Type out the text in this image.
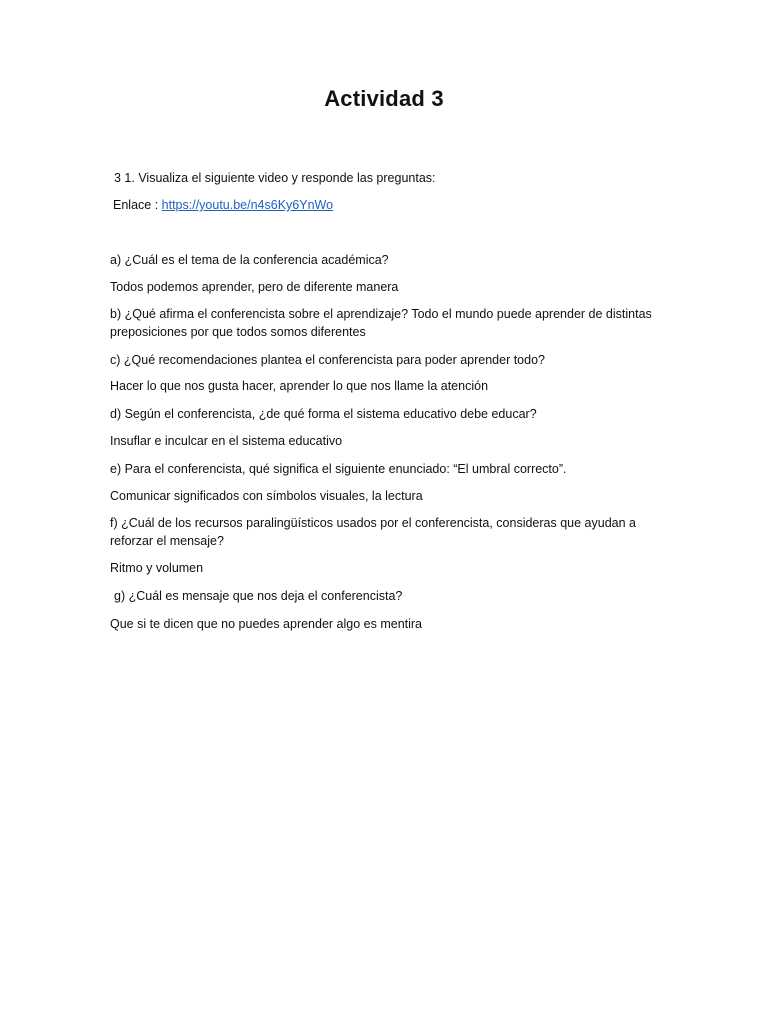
Actividad 3
3 1. Visualiza el siguiente video y responde las preguntas:
Enlace : https://youtu.be/n4s6Ky6YnWo
a) ¿Cuál es el tema de la conferencia académica?
Todos podemos aprender, pero de diferente manera
b) ¿Qué afirma el conferencista sobre el aprendizaje? Todo el mundo puede aprender de distintas preposiciones por que todos somos diferentes
c) ¿Qué recomendaciones plantea el conferencista para poder aprender todo?
Hacer lo que nos gusta hacer, aprender lo que nos llame la atención
d) Según el conferencista, ¿de qué forma el sistema educativo debe educar?
Insuflar e inculcar en el sistema educativo
e) Para el conferencista, qué significa el siguiente enunciado: “El umbral correcto”.
Comunicar significados con símbolos visuales, la lectura
f) ¿Cuál de los recursos paralingüísticos usados por el conferencista, consideras que ayudan a reforzar el mensaje?
Ritmo y volumen
g) ¿Cuál es mensaje que nos deja el conferencista?
Que si te dicen que no puedes aprender algo es mentira
